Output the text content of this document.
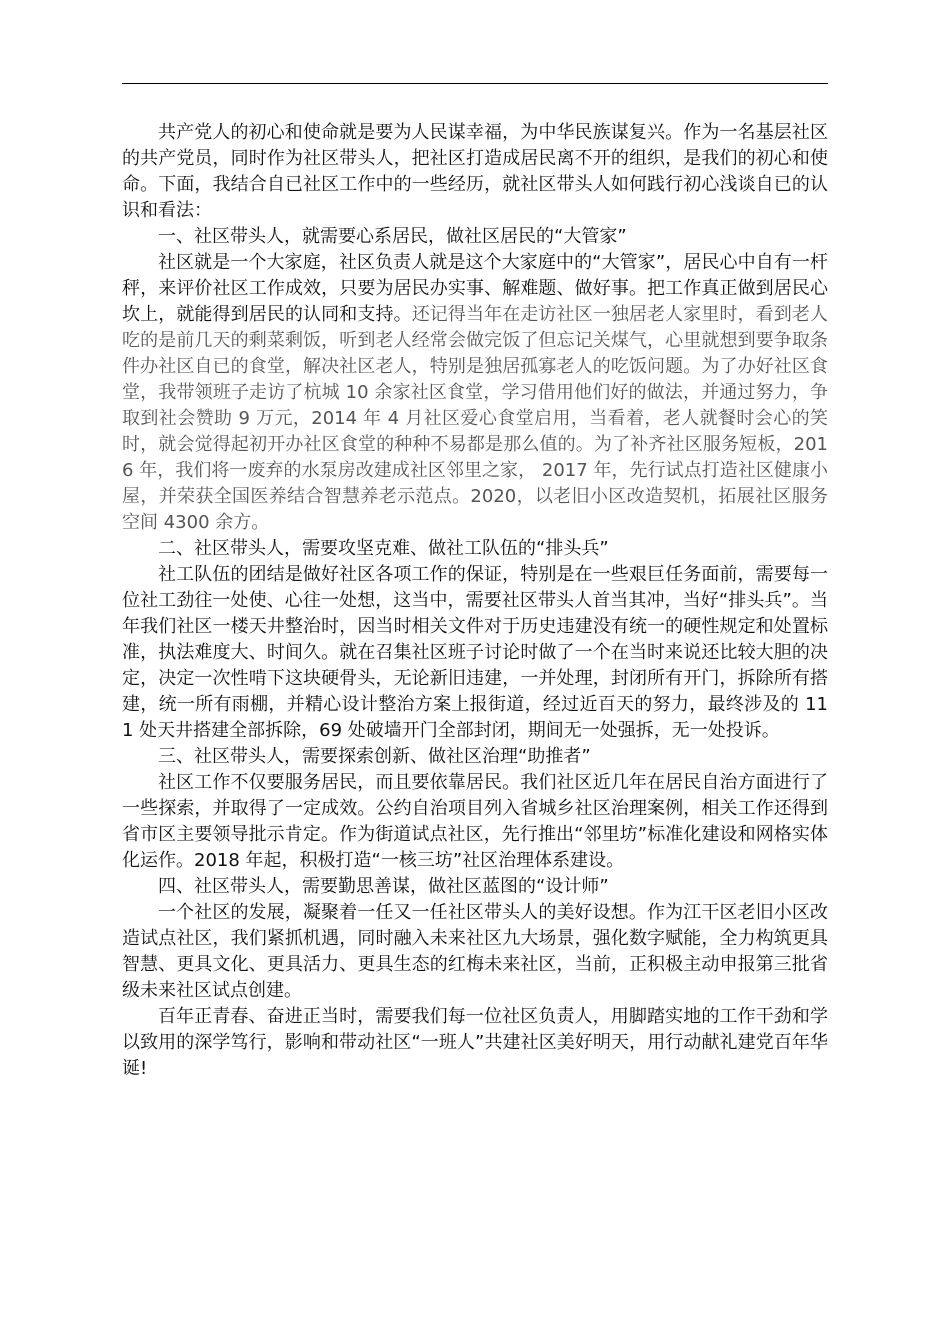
共产党人的初心和使命就是要为人民谋幸福，为中华民族谋复兴。作为一名基层社区的共产党员，同时作为社区带头人，把社区打造成居民离不开的组织，是我们的初心和使命。下面，我结合自已社区工作中的一些经历，就社区带头人如何践行初心浅谈自已的认识和看法：

一、社区带头人，就需要心系居民，做社区居民的“大管家”

社区就是一个大家庭，社区负责人就是这个大家庭中的“大管家”，居民心中自有一杆秤，来评价社区工作成效，只要为居民办实事、解难题、做好事。把工作真正做到居民心坎上，就能得到居民的认同和支持。还记得当年在走访社区一独居老人家里时，看到老人吃的是前几天的剩菜剩饭，听到老人经常会做完饭了但忘记关煤气，心里就想到要争取条件办社区自已的食堂，解决社区老人，特别是独居孤寡老人的吃饭问题。为了办好社区食堂，我带领班子走访了杭城 10 余家社区食堂，学习借用他们好的做法，并通过努力，争取到社会赞助 9 万元，2014 年 4 月社区爱心食堂启用，当看着，老人就餐时会心的笑时，就会觉得起初开办社区食堂的种种不易都是那么值的。为了补齐社区服务短板，2016 年，我们将一废弃的水泵房改建成社区邻里之家， 2017 年，先行试点打造社区健康小屋，并荣获全国医养结合智慧养老示范点。2020，以老旧小区改造契机，拓展社区服务空间 4300 余方。

二、社区带头人，需要攻坚克难、做社工队伍的“排头兵”

社工队伍的团结是做好社区各项工作的保证，特别是在一些艰巨任务面前，需要每一位社工劲往一处使、心往一处想，这当中，需要社区带头人首当其冲，当好“排头兵”。当年我们社区一楼天井整治时，因当时相关文件对于历史违建没有统一的硬性规定和处置标准，执法难度大、时间久。就在召集社区班子讨论时做了一个在当时来说还比较大胆的决定，决定一次性啃下这块硬骨头，无论新旧违建，一并处理，封闭所有开门，拆除所有搭建，统一所有雨棚，并精心设计整治方案上报街道，经过近百天的努力，最终涉及的 111 处天井搭建全部拆除，69 处破墙开门全部封闭，期间无一处强拆，无一处投诉。

三、社区带头人，需要探索创新、做社区治理“助推者”

社区工作不仅要服务居民，而且要依靠居民。我们社区近几年在居民自治方面进行了一些探索，并取得了一定成效。公约自治项目列入省城乡社区治理案例，相关工作还得到省市区主要领导批示肯定。作为街道试点社区，先行推出“邻里坊”标准化建设和网格实体化运作。2018 年起，积极打造“一核三坊”社区治理体系建设。

四、社区带头人，需要勤思善谋，做社区蓝图的“设计师”

一个社区的发展，凝聚着一任又一任社区带头人的美好设想。作为江干区老旧小区改造试点社区，我们紧抓机遇，同时融入未来社区九大场景，强化数字赋能，全力构筑更具智慧、更具文化、更具活力、更具生态的红梅未来社区，当前，正积极主动申报第三批省级未来社区试点创建。

百年正青春、奋进正当时，需要我们每一位社区负责人，用脚踏实地的工作干劲和学以致用的深学笃行，影响和带动社区“一班人”共建社区美好明天，用行动献礼建党百年华诞!
